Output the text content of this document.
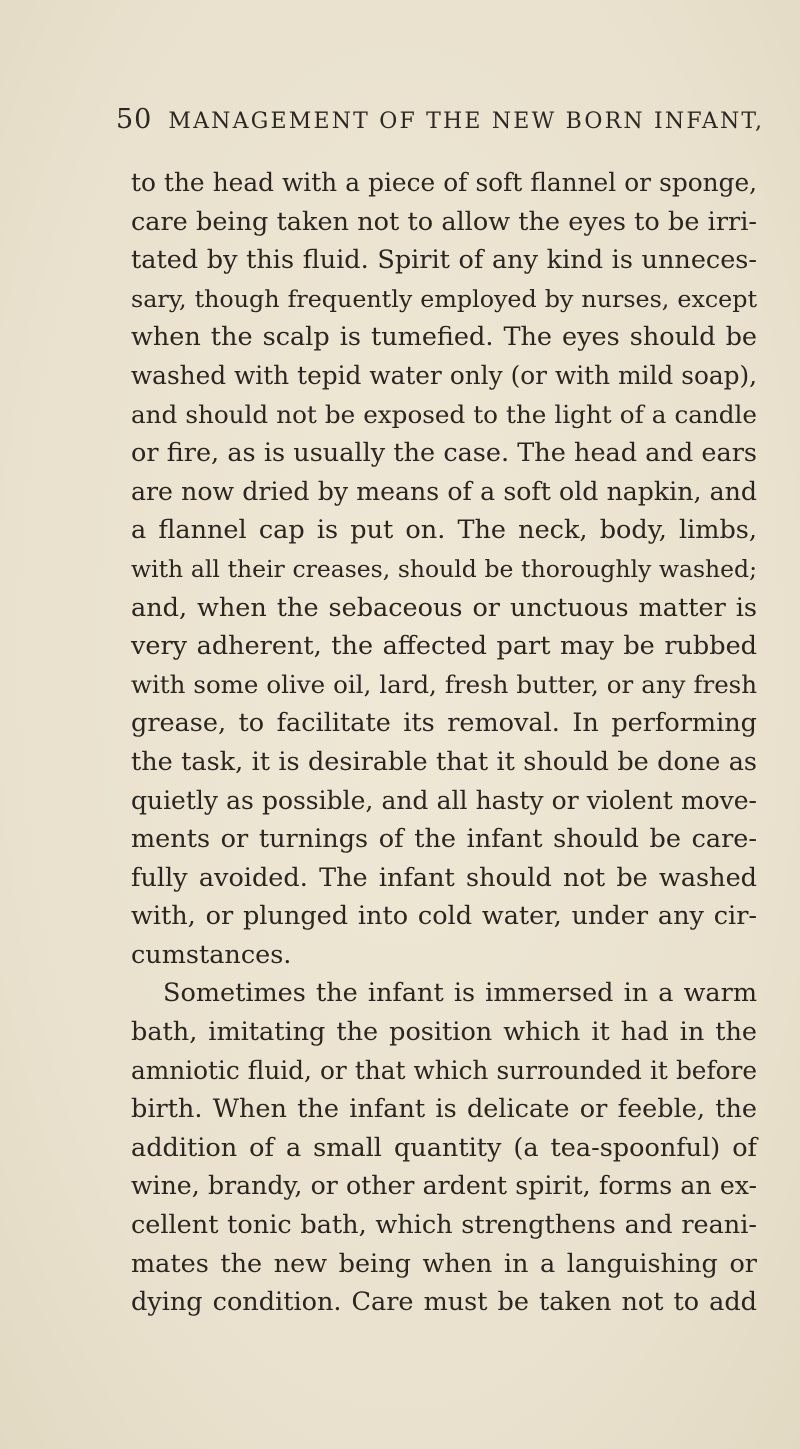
50 MANAGEMENT OF THE NEW BORN INFANT,
to the head with a piece of soft flannel or sponge,
care being taken not to allow the eyes to be irri-
tated by this fluid. Spirit of any kind is unneces-
sary, though frequently employed by nurses, except
when the scalp is tumefied. The eyes should be
washed with tepid water only (or with mild soap),
and should not be exposed to the light of a candle
or fire, as is usually the case. The head and ears
are now dried by means of a soft old napkin, and
a flannel cap is put on. The neck, body, limbs,
with all their creases, should be thoroughly washed;
and, when the sebaceous or unctuous matter is
very adherent, the affected part may be rubbed
with some olive oil, lard, fresh butter, or any fresh
grease, to facilitate its removal. In performing
the task, it is desirable that it should be done as
quietly as possible, and all hasty or violent move-
ments or turnings of the infant should be care-
fully avoided. The infant should not be washed
with, or plunged into cold water, under any cir-
cumstances.
Sometimes the infant is immersed in a warm
bath, imitating the position which it had in the
amniotic fluid, or that which surrounded it before
birth. When the infant is delicate or feeble, the
addition of a small quantity (a tea-spoonful) of
wine, brandy, or other ardent spirit, forms an ex-
cellent tonic bath, which strengthens and reani-
mates the new being when in a languishing or
dying condition. Care must be taken not to add
